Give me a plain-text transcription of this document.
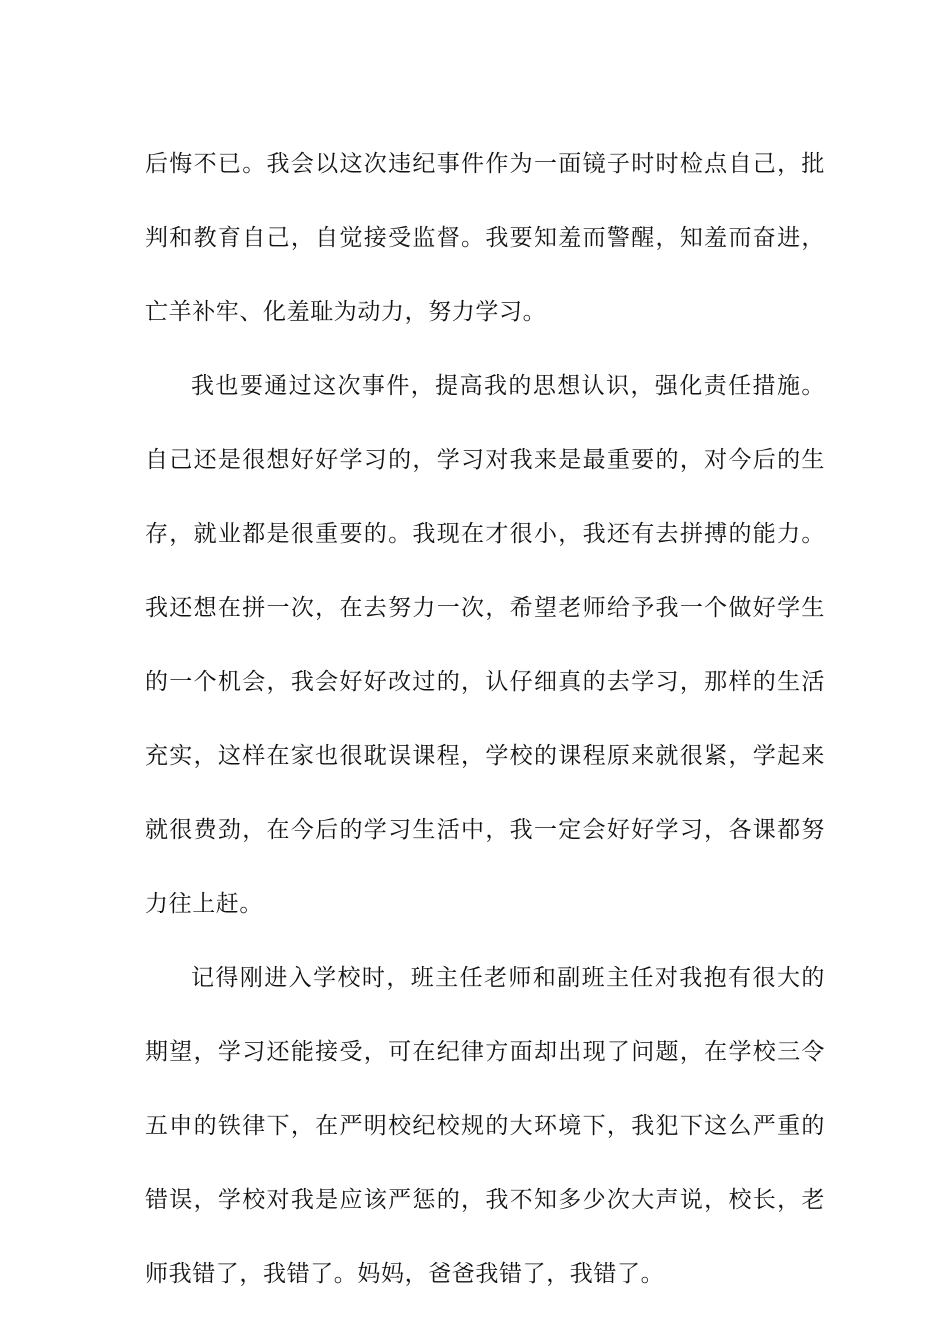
后悔不已。我会以这次违纪事件作为一面镜子时时检点自己，批判和教育自己，自觉接受监督。我要知羞而警醒，知羞而奋进，亡羊补牢、化羞耻为动力，努力学习。

我也要通过这次事件，提高我的思想认识，强化责任措施。自己还是很想好好学习的，学习对我来是最重要的，对今后的生存，就业都是很重要的。我现在才很小，我还有去拼搏的能力。我还想在拼一次，在去努力一次，希望老师给予我一个做好学生的一个机会，我会好好改过的，认仔细真的去学习，那样的生活充实，这样在家也很耽误课程，学校的课程原来就很紧，学起来就很费劲，在今后的学习生活中，我一定会好好学习，各课都努力往上赶。

记得刚进入学校时，班主任老师和副班主任对我抱有很大的期望，学习还能接受，可在纪律方面却出现了问题，在学校三令五申的铁律下，在严明校纪校规的大环境下，我犯下这么严重的错误，学校对我是应该严惩的，我不知多少次大声说，校长，老师我错了，我错了。妈妈，爸爸我错了，我错了。
